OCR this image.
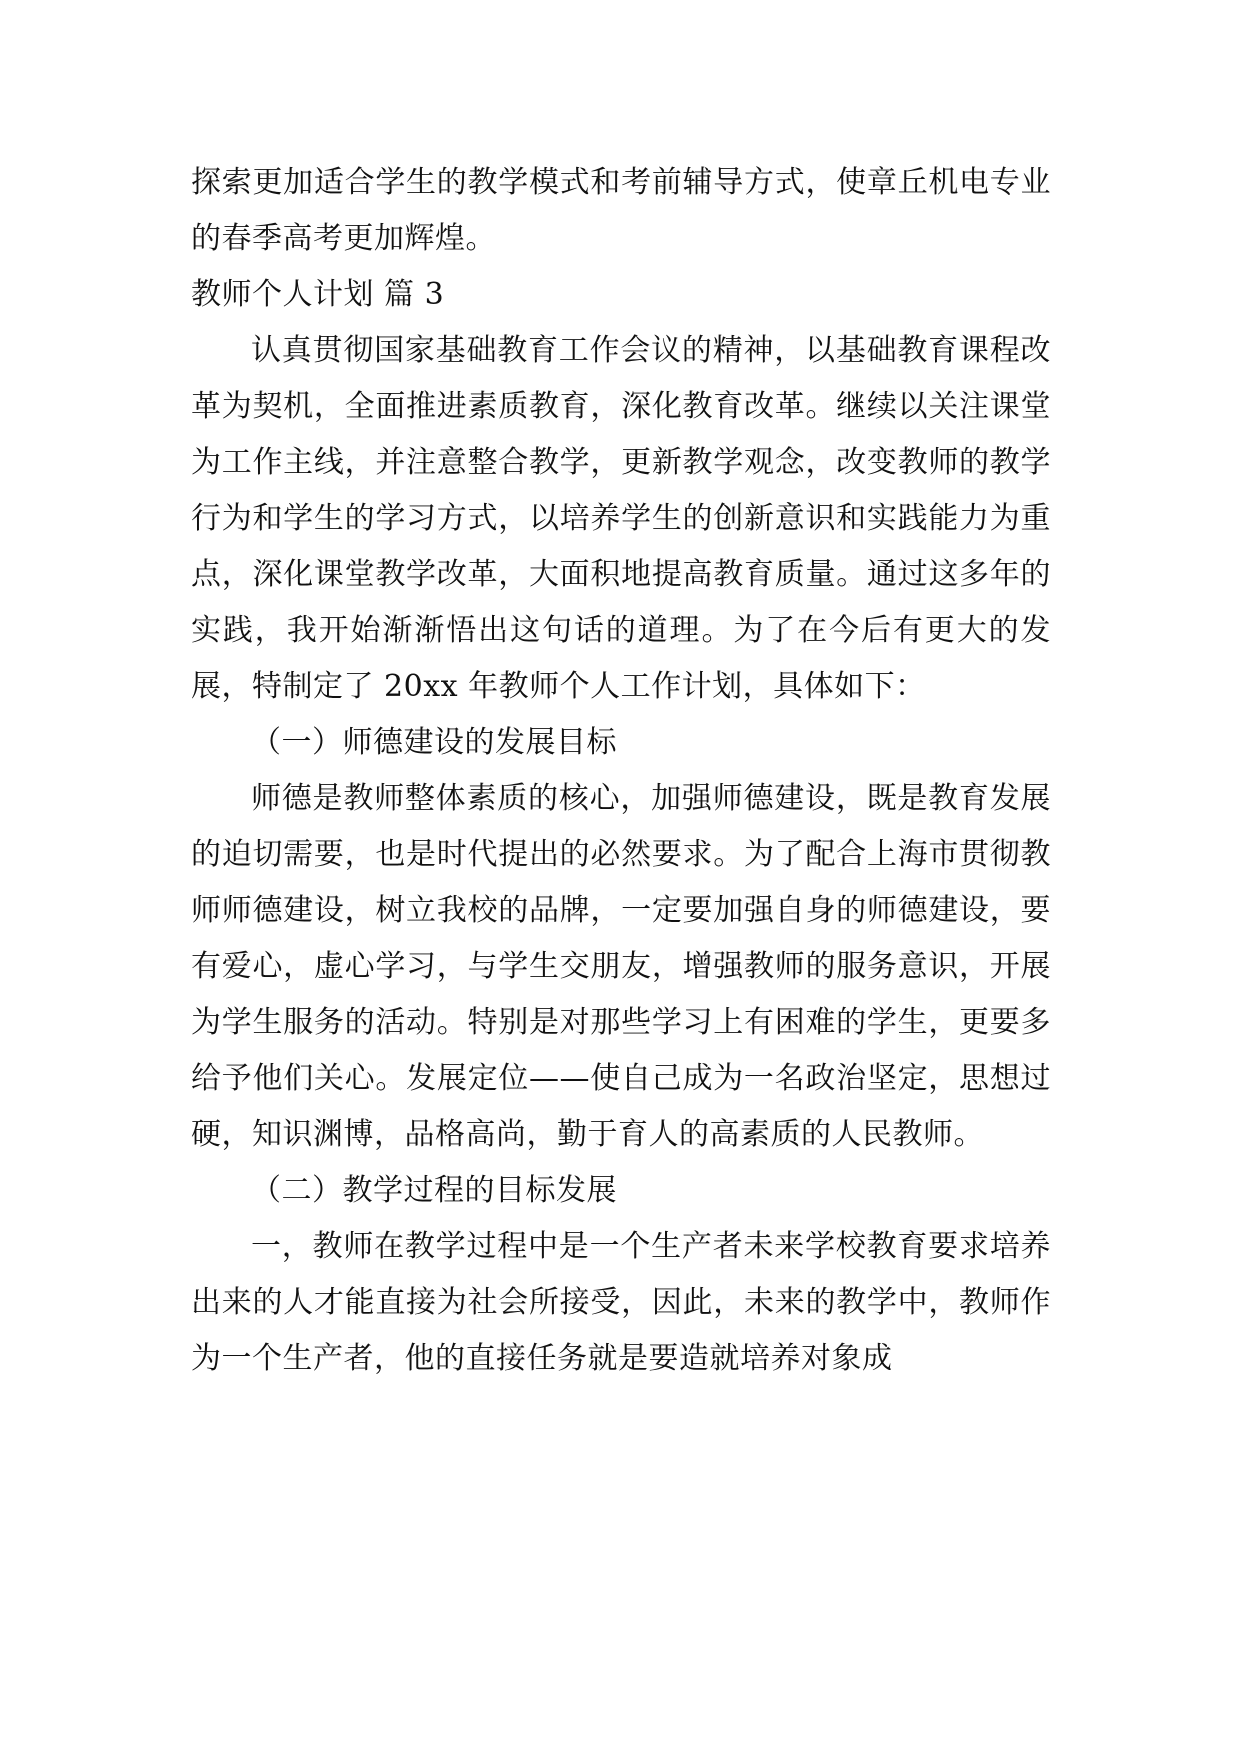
探索更加适合学生的教学模式和考前辅导方式，使章丘机电专业的春季高考更加辉煌。

教师个人计划 篇 3

认真贯彻国家基础教育工作会议的精神，以基础教育课程改革为契机，全面推进素质教育，深化教育改革。继续以关注课堂为工作主线，并注意整合教学，更新教学观念，改变教师的教学行为和学生的学习方式，以培养学生的创新意识和实践能力为重点，深化课堂教学改革，大面积地提高教育质量。通过这多年的实践，我开始渐渐悟出这句话的道理。为了在今后有更大的发展，特制定了 20xx 年教师个人工作计划，具体如下：

（一）师德建设的发展目标

师德是教师整体素质的核心，加强师德建设，既是教育发展的迫切需要，也是时代提出的必然要求。为了配合上海市贯彻教师师德建设，树立我校的品牌，一定要加强自身的师德建设，要有爱心，虚心学习，与学生交朋友，增强教师的服务意识，开展为学生服务的活动。特别是对那些学习上有困难的学生，更要多给予他们关心。发展定位——使自己成为一名政治坚定，思想过硬，知识渊博，品格高尚，勤于育人的高素质的人民教师。

（二）教学过程的目标发展

一，教师在教学过程中是一个生产者未来学校教育要求培养出来的人才能直接为社会所接受，因此，未来的教学中，教师作为一个生产者，他的直接任务就是要造就培养对象成
